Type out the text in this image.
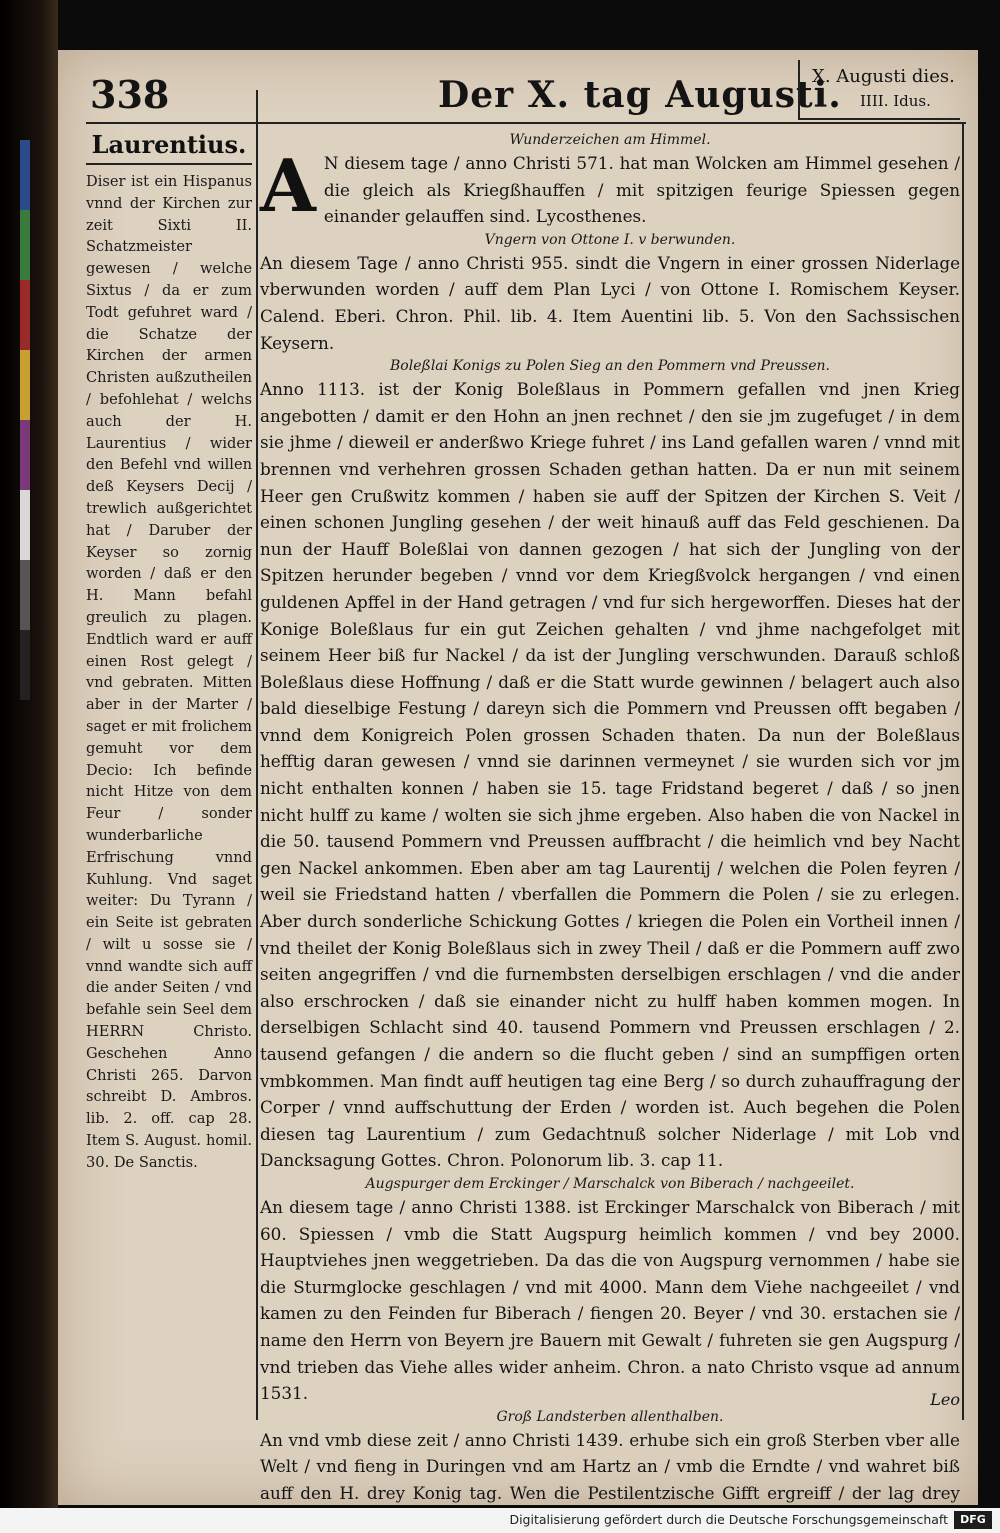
338	Der X. tag Augusti.
X. Augusti dies.
IIII. Idus.
Laurentius.
Diser ist ein Hispanus vnnd der Kirchen zur zeit Sixti II. Schatzmeister gewesen / welche Sixtus / da er zum Todt gefuhret ward / die Schatze der Kirchen der armen Christen außzutheilen / befohlehat / welchs auch der H. Laurentius / wider den Befehl vnd willen deß Keysers Decij / trewlich außgerichtet hat / Daruber der Keyser so zornig worden / daß er den H. Mann befahl greulich zu plagen. Endtlich ward er auff einen Rost gelegt / vnd gebraten. Mitten aber in der Marter / saget er mit frolichem gemuht vor dem Decio: Ich befinde nicht Hitze von dem Feur / sonder wunderbarliche Erfrischung vnnd Kuhlung. Vnd saget weiter: Du Tyrann / ein Seite ist gebraten / wilt u sosse sie / vnnd wandte sich auff die ander Seiten / vnd befahle sein Seel dem HERRN Christo. Geschehen Anno Christi 265. Darvon schreibt D. Ambros. lib. 2. off. cap 28. Item S. August. homil. 30. De Sanctis.
Wunderzeichen am Himmel.

A N diesem tage / anno Christi 571. hat man Wolcken am Himmel gesehen / die gleich als Kriegßhauffen / mit spitzigen feurige Spiessen gegen einander gelauffen sind. Lycosthenes.

Vngern von Ottone I. v berwunden.

An diesem Tage / anno Christi 955. sindt die Vngern in einer grossen Niderlage vberwunden worden / auff dem Plan Lyci / von Ottone I. Romischem Keyser. Calend. Eberi. Chron. Phil. lib. 4. Item Auentini lib. 5. Von den Sachssischen Keysern.

Boleßlai Konigs zu Polen Sieg an den Pommern vnd Preussen.

Anno 1113. ist der Konig Boleßlaus in Pommern gefallen vnd jnen Krieg angebotten / damit er den Hohn an jnen rechnet / den sie jm zugefuget / in dem sie jhme / dieweil er anderßwo Kriege fuhret / ins Land gefallen waren / vnnd mit brennen vnd verhehren grossen Schaden gethan hatten. Da er nun mit seinem Heer gen Crußwitz kommen / haben sie auff der Spitzen der Kirchen S. Veit / einen schonen Jungling gesehen / der weit hinauß auff das Feld geschienen. Da nun der Hauff Boleßlai von dannen gezogen / hat sich der Jungling von der Spitzen herunder begeben / vnnd vor dem Kriegßvolck hergangen / vnd einen guldenen Apffel in der Hand getragen / vnd fur sich hergeworffen. Dieses hat der Konige Boleßlaus fur ein gut Zeichen gehalten / vnd jhme nachgefolget mit seinem Heer biß fur Nackel / da ist der Jungling verschwunden. Darauß schloß Boleßlaus diese Hoffnung / daß er die Statt wurde gewinnen / belagert auch also bald dieselbige Festung / dareyn sich die Pommern vnd Preussen offt begaben / vnnd dem Konigreich Polen grossen Schaden thaten. Da nun der Boleßlaus hefftig daran gewesen / vnnd sie darinnen vermeynet / sie wurden sich vor jm nicht enthalten konnen / haben sie 15. tage Fridstand begeret / daß / so jnen nicht hulff zu kame / wolten sie sich jhme ergeben. Also haben die von Nackel in die 50. tausend Pommern vnd Preussen auffbracht / die heimlich vnd bey Nacht gen Nackel ankommen. Eben aber am tag Laurentij / welchen die Polen feyren / weil sie Friedstand hatten / vberfallen die Pommern die Polen / sie zu erlegen. Aber durch sonderliche Schickung Gottes / kriegen die Polen ein Vortheil innen / vnd theilet der Konig Boleßlaus sich in zwey Theil / daß er die Pommern auff zwo seiten angegriffen / vnd die furnembsten derselbigen erschlagen / vnd die ander also erschrocken / daß sie einander nicht zu hulff haben kommen mogen. In derselbigen Schlacht sind 40. tausend Pommern vnd Preussen erschlagen / 2. tausend gefangen / die andern so die flucht geben / sind an sumpffigen orten vmbkommen. Man findt auff heutigen tag eine Berg / so durch zuhauffragung der Corper / vnnd auffschuttung der Erden / worden ist. Auch begehen die Polen diesen tag Laurentium / zum Gedachtnuß solcher Niderlage / mit Lob vnd Dancksagung Gottes. Chron. Polonorum lib. 3. cap 11.

Augspurger dem Erckinger / Marschalck von Biberach / nachgeeilet.

An diesem tage / anno Christi 1388. ist Erckinger Marschalck von Biberach / mit 60. Spiessen / vmb die Statt Augspurg heimlich kommen / vnd bey 2000. Hauptviehes jnen weggetrieben. Da das die von Augspurg vernommen / habe sie die Sturmglocke geschlagen / vnd mit 4000. Mann dem Viehe nachgeeilet / vnd kamen zu den Feinden fur Biberach / fiengen 20. Beyer / vnd 30. erstachen sie / name den Herrn von Beyern jre Bauern mit Gewalt / fuhreten sie gen Augspurg / vnd trieben das Viehe alles wider anheim. Chron. a nato Christo vsque ad annum 1531.

Groß Landsterben allenthalben.

An vnd vmb diese zeit / anno Christi 1439. erhube sich ein groß Sterben vber alle Welt / vnd fieng in Duringen vnd am Hartz an / vmb die Erndte / vnd wahret biß auff den H. drey Konig tag. Wen die Pestilentzische Gifft ergreiff / der lag drey

Leo
Digitalisierung gefördert durch die Deutsche Forschungsgemeinschaft	DFG
